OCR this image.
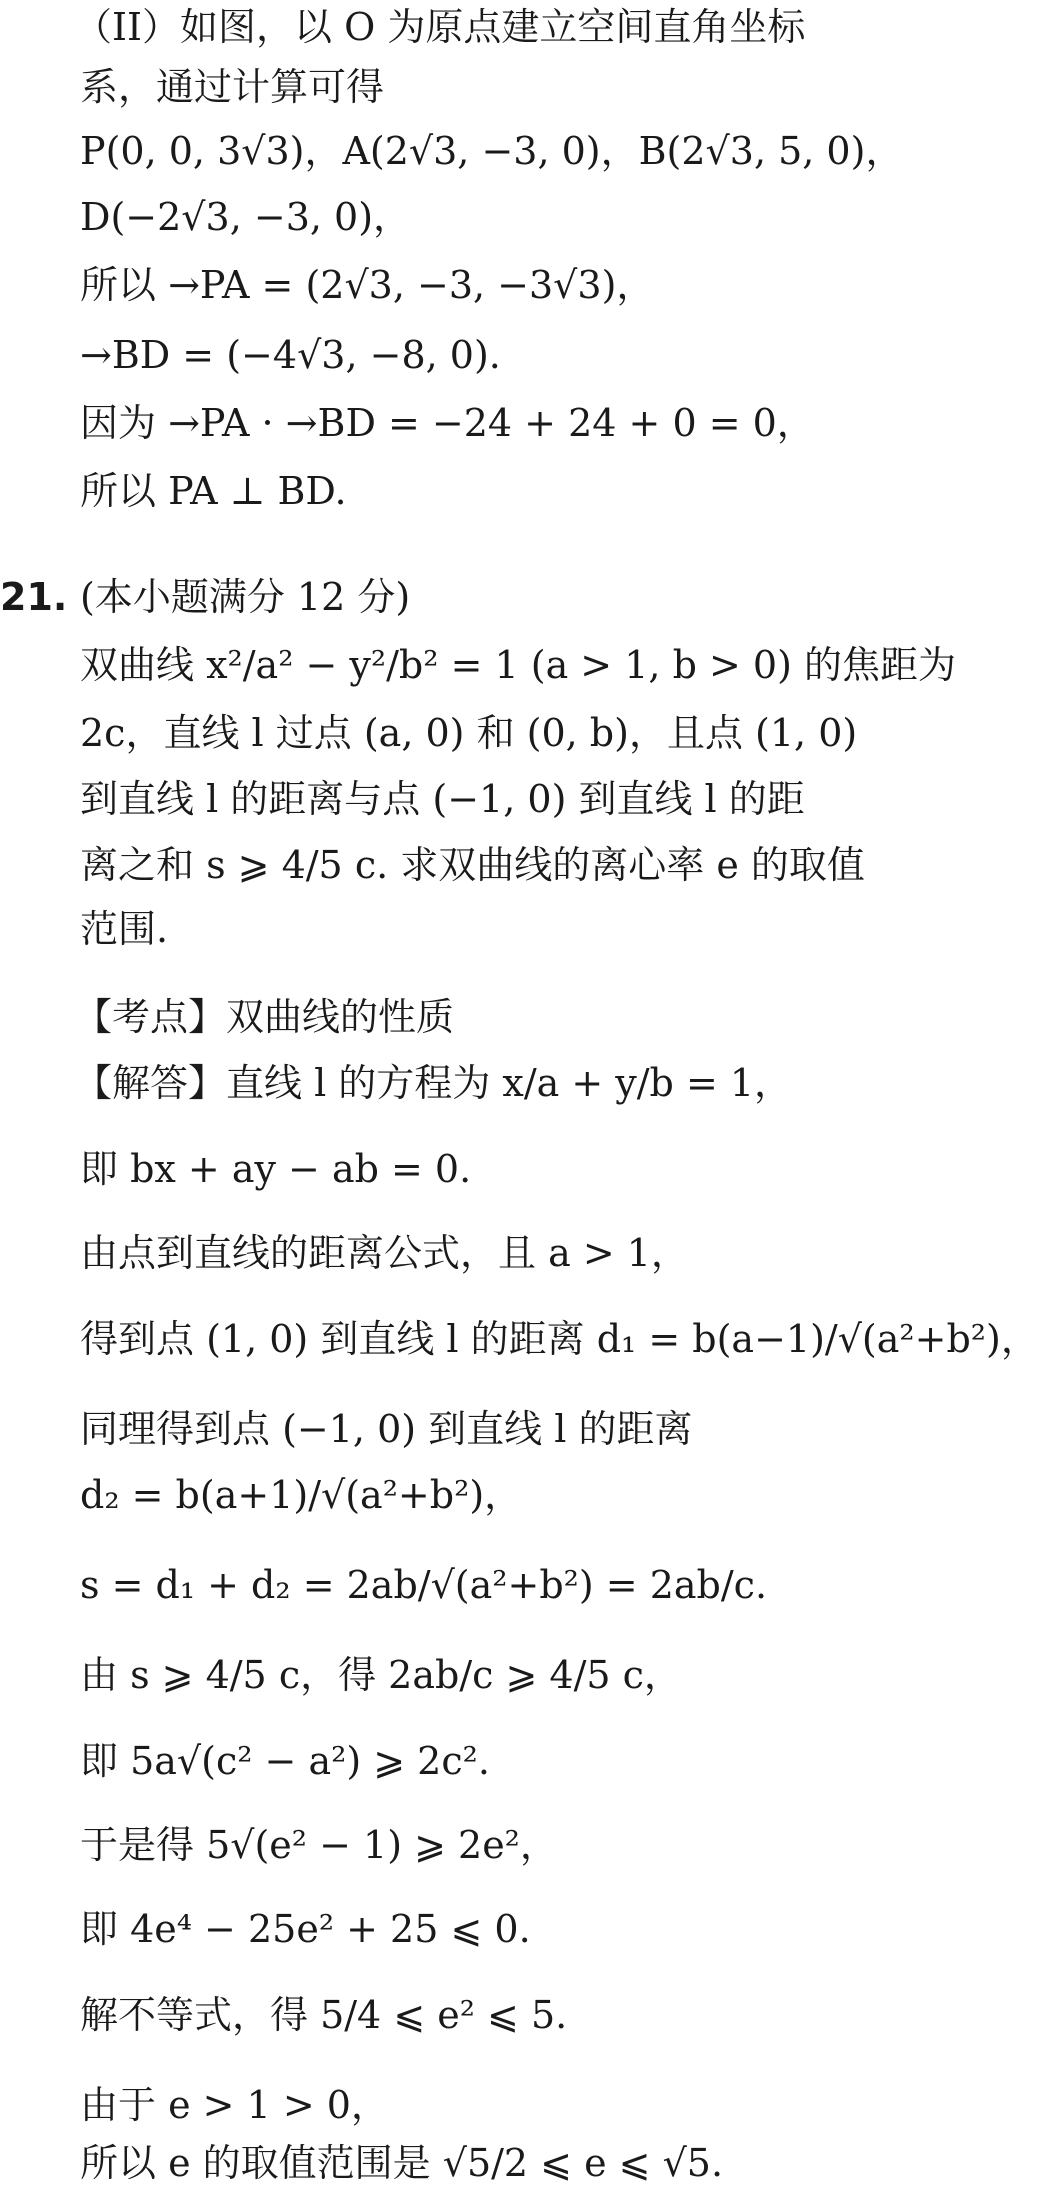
（II）如图，以 O 为原点建立空间直角坐标
系，通过计算可得
P(0, 0, 3√3)，A(2√3, −3, 0)，B(2√3, 5, 0)，
D(−2√3, −3, 0)，
所以 →PA = (2√3, −3, −3√3)，
→BD = (−4√3, −8, 0).
因为 →PA · →BD = −24 + 24 + 0 = 0，
所以 PA ⊥ BD.
21. (本小题满分 12 分)
双曲线 x²/a² − y²/b² = 1 (a > 1, b > 0) 的焦距为
2c，直线 l 过点 (a, 0) 和 (0, b)，且点 (1, 0)
到直线 l 的距离与点 (−1, 0) 到直线 l 的距
离之和 s ⩾ 4/5 c. 求双曲线的离心率 e 的取值
范围.
【考点】双曲线的性质
【解答】直线 l 的方程为 x/a + y/b = 1，
即 bx + ay − ab = 0.
由点到直线的距离公式，且 a > 1，
得到点 (1, 0) 到直线 l 的距离 d₁ = b(a−1)/√(a²+b²)，
同理得到点 (−1, 0) 到直线 l 的距离
d₂ = b(a+1)/√(a²+b²)，
s = d₁ + d₂ = 2ab/√(a²+b²) = 2ab/c.
由 s ⩾ 4/5 c，得 2ab/c ⩾ 4/5 c，
即 5a√(c² − a²) ⩾ 2c².
于是得 5√(e² − 1) ⩾ 2e²，
即 4e⁴ − 25e² + 25 ⩽ 0.
解不等式，得 5/4 ⩽ e² ⩽ 5.
由于 e > 1 > 0，
所以 e 的取值范围是 √5/2 ⩽ e ⩽ √5.
